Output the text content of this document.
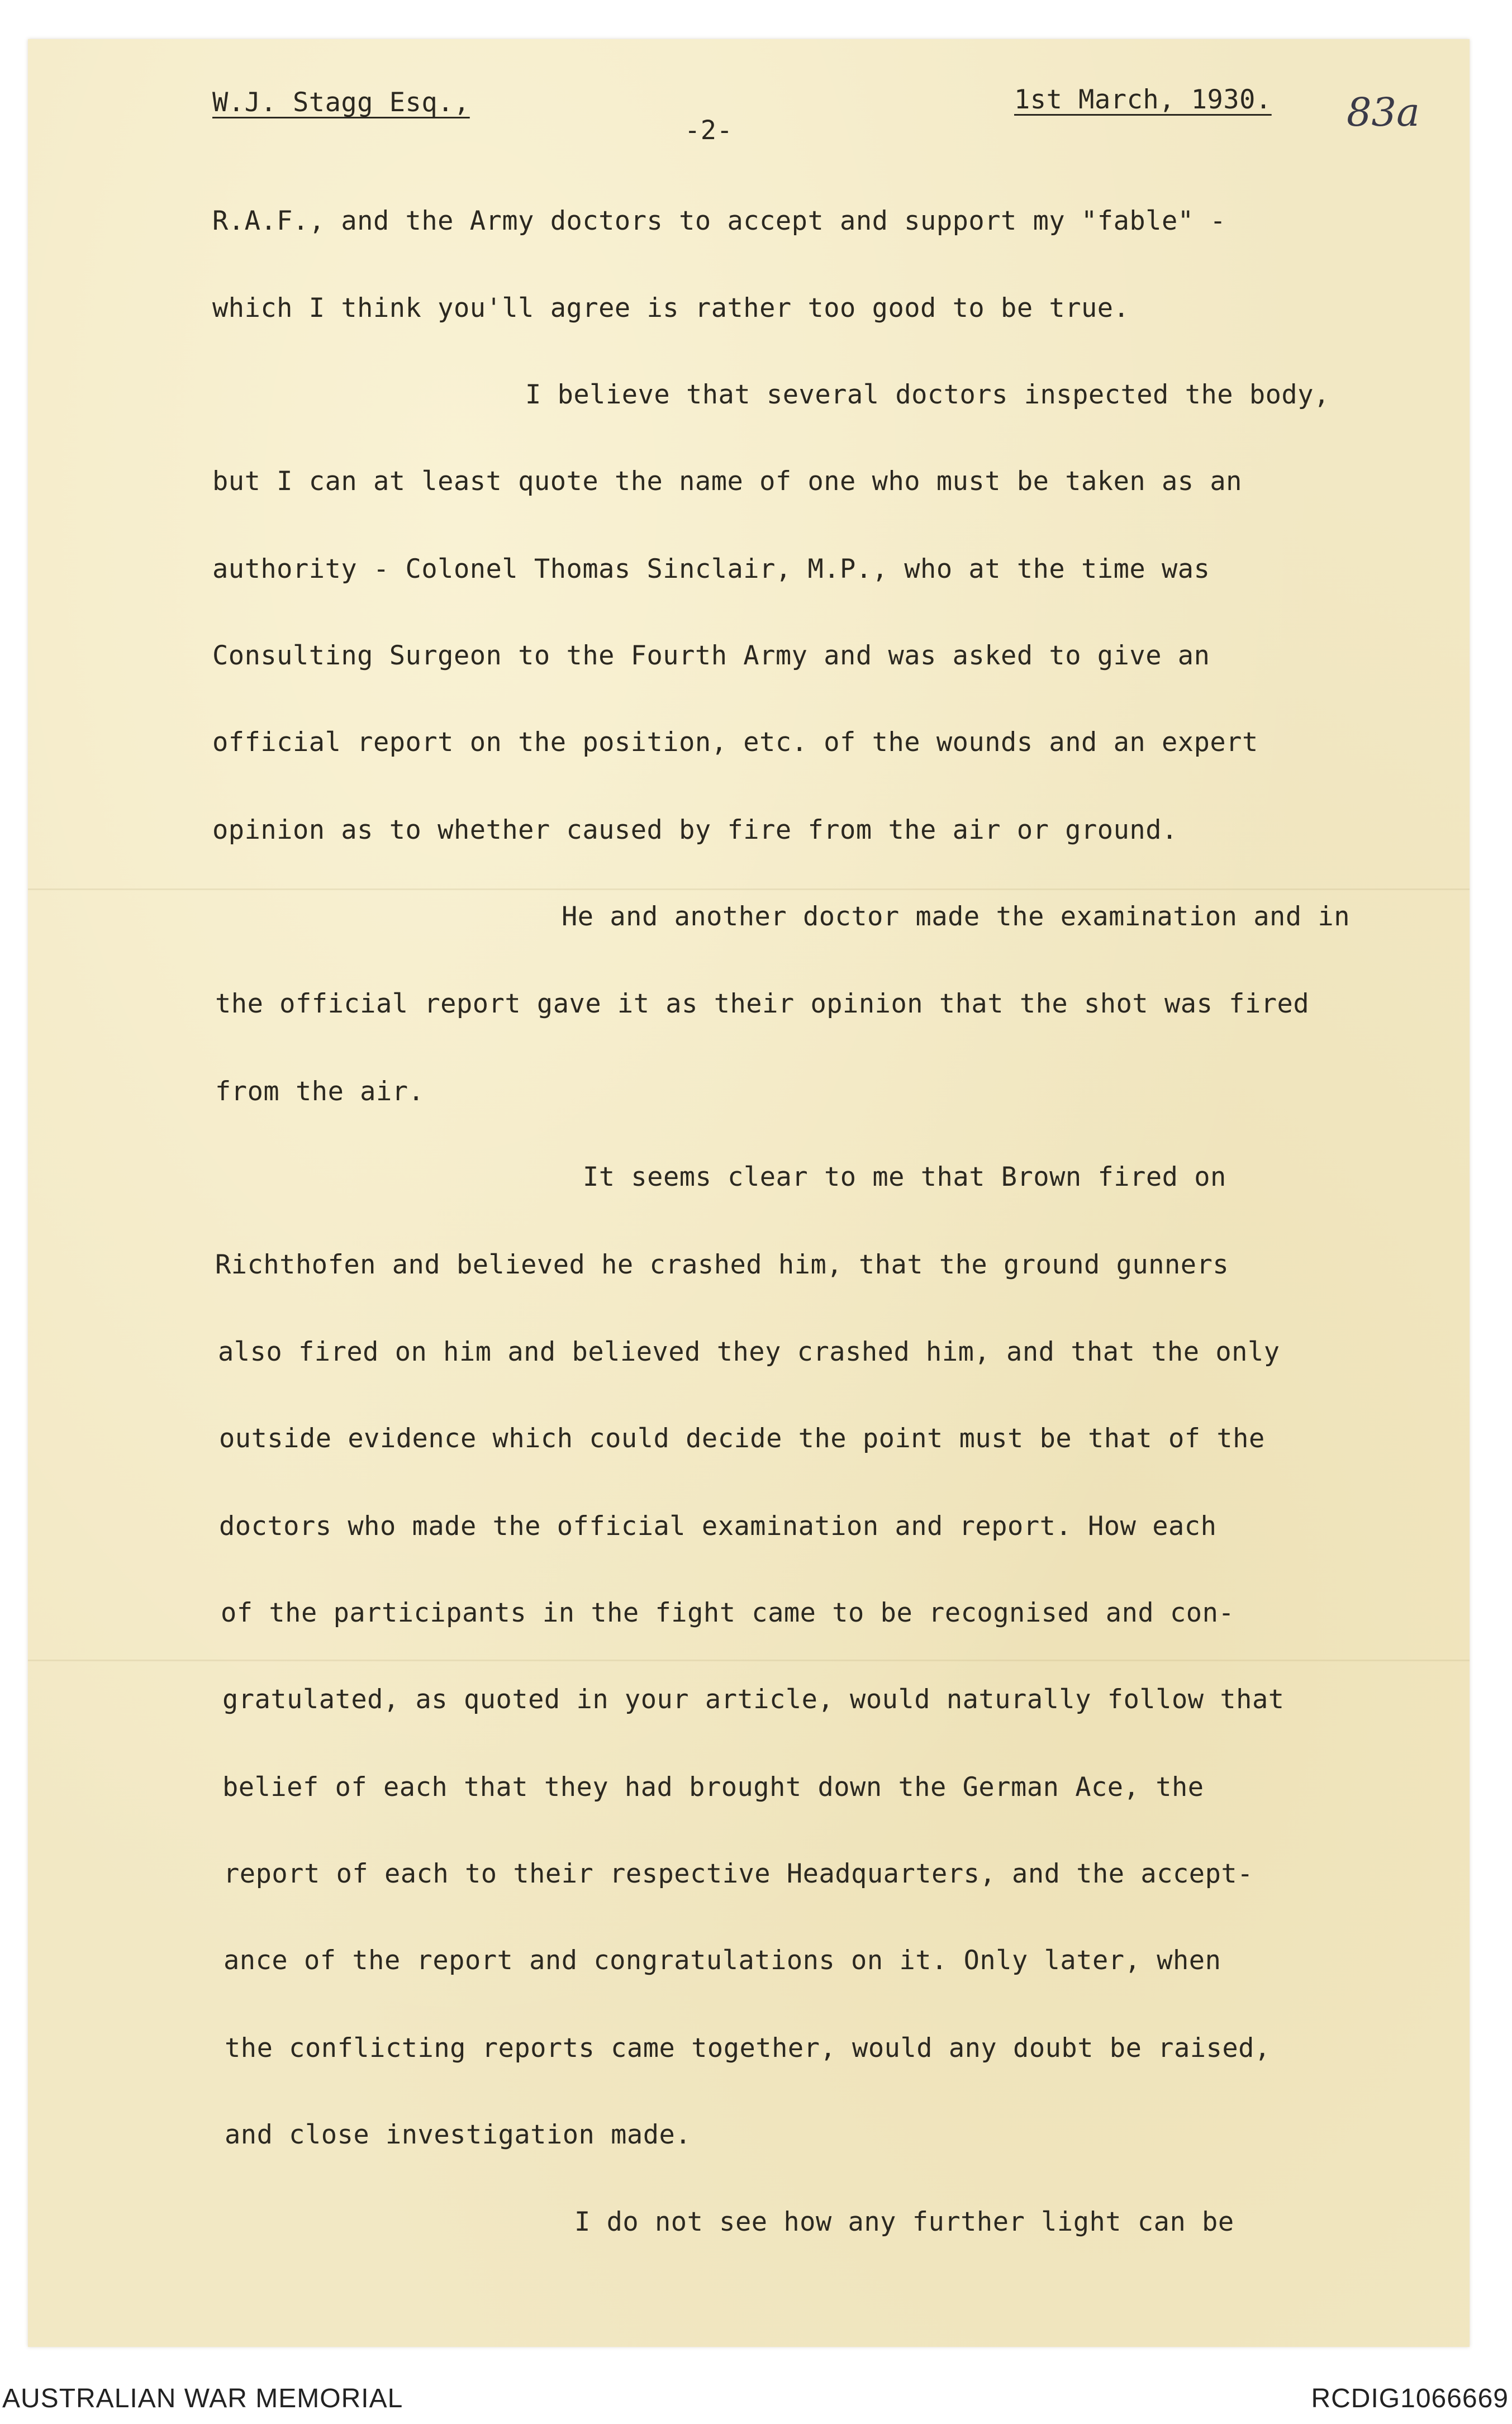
W.J. Stagg Esq.,
-2-
1st March, 1930. 83a
R.A.F., and the Army doctors to accept and support my "fable" -
which I think you'll agree is rather too good to be true.
I believe that several doctors inspected the body,
but I can at least quote the name of one who must be taken as an
authority - Colonel Thomas Sinclair, M.P., who at the time was
Consulting Surgeon to the Fourth Army and was asked to give an
official report on the position, etc. of the wounds and an expert
opinion as to whether caused by fire from the air or ground.
He and another doctor made the examination and in
the official report gave it as their opinion that the shot was fired
from the air.
It seems clear to me that Brown fired on
Richthofen and believed he crashed him, that the ground gunners
also fired on him and believed they crashed him, and that the only
outside evidence which could decide the point must be that of the
doctors who made the official examination and report. How each
of the participants in the fight came to be recognised and con-
gratulated, as quoted in your article, would naturally follow that
belief of each that they had brought down the German Ace, the
report of each to their respective Headquarters, and the accept-
ance of the report and congratulations on it. Only later, when
the conflicting reports came together, would any doubt be raised,
and close investigation made.
I do not see how any further light can be
AUSTRALIAN WAR MEMORIAL	RCDIG1066669
